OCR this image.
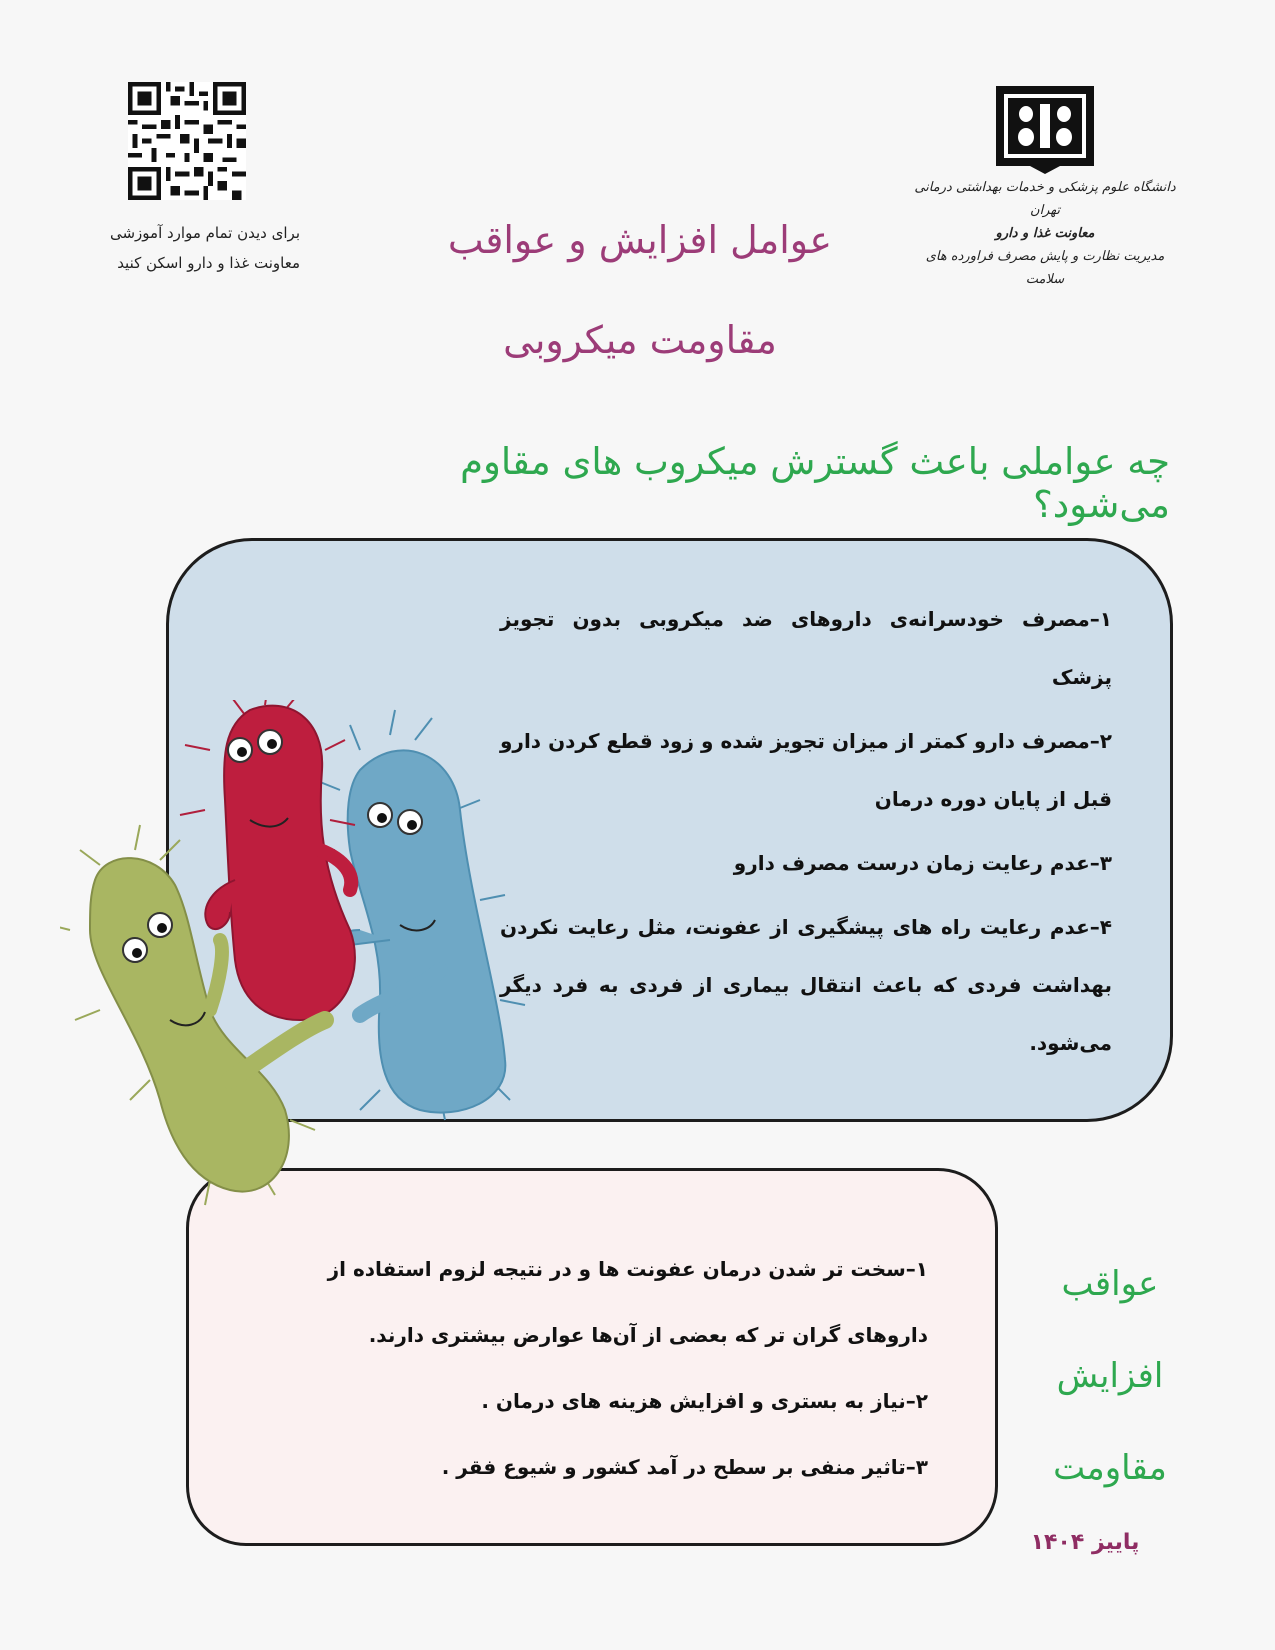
برای دیدن تمام موارد آموزشی
معاونت غذا و دارو اسکن کنید
عوامل افزایش و عواقب
مقاومت میکروبی
دانشگاه علوم پزشکی و خدمات بهداشتی درمانی تهران
معاونت غذا و دارو
مدیریت نظارت و پایش مصرف فراورده های سلامت
چه عواملی باعث گسترش میکروب های مقاوم می‌شود؟
۱–مصرف خودسرانه‌ی داروهای ضد میکروبی بدون تجویز پزشک
۲–مصرف دارو کمتر از میزان تجویز شده و زود قطع کردن دارو قبل از پایان دوره درمان
۳–عدم رعایت زمان درست مصرف دارو
۴–عدم رعایت راه های پیشگیری از عفونت، مثل رعایت نکردن بهداشت فردی که باعث انتقال بیماری از فردی به فرد دیگر می‌شود.
۱–سخت تر شدن درمان عفونت ها و در نتیجه لزوم استفاده از داروهای گران تر که بعضی از آن‌ها عوارض بیشتری دارند.
۲–نیاز به بستری و افزایش هزینه های درمان .
۳–تاثیر منفی بر سطح در آمد کشور و شیوع فقر .
عواقب
افزایش
مقاومت
پاییز ۱۴۰۴
